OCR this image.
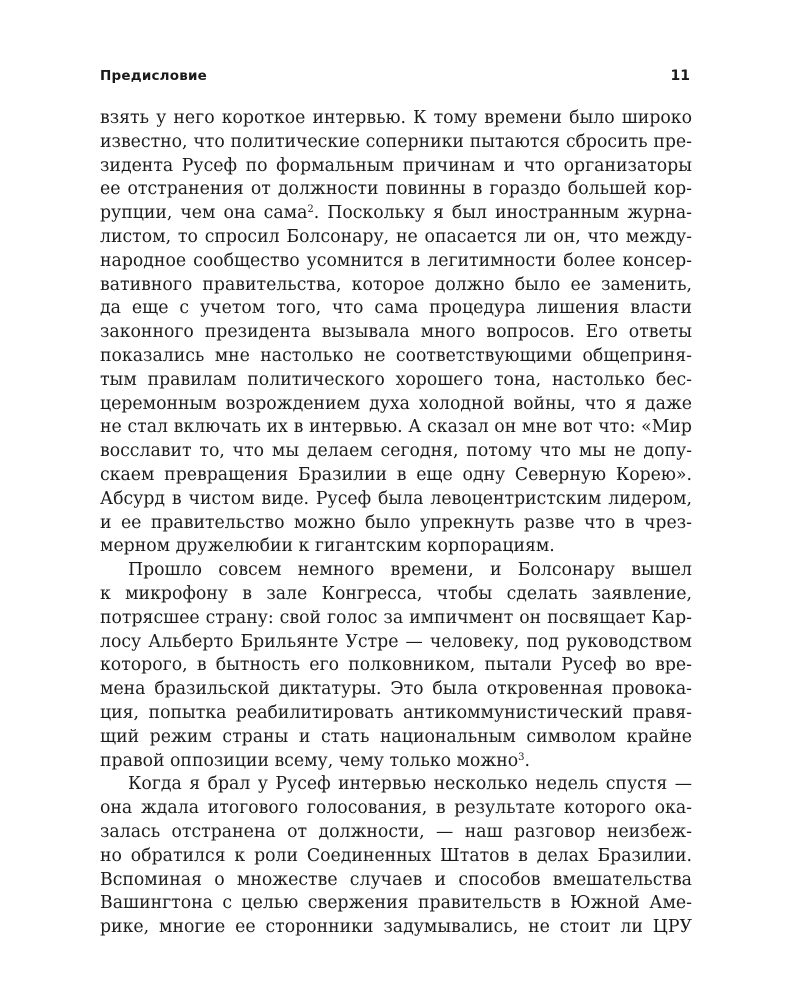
Предисловие	11
взять у него короткое интервью. К тому времени было широко
известно, что политические соперники пытаются сбросить пре-
зидента Русеф по формальным причинам и что организаторы
ее отстранения от должности повинны в гораздо большей кор-
рупции, чем она сама$^2$. Поскольку я был иностранным журна-
листом, то спросил Болсонару, не опасается ли он, что между-
народное сообщество усомнится в легитимности более консер-
вативного правительства, которое должно было ее заменить,
да еще с учетом того, что сама процедура лишения власти
законного президента вызывала много вопросов. Его ответы
показались мне настолько не соответствующими общеприня-
тым правилам политического хорошего тона, настолько бес-
церемонным возрождением духа холодной войны, что я даже
не стал включать их в интервью. А сказал он мне вот что: «Мир
восславит то, что мы делаем сегодня, потому что мы не допу-
скаем превращения Бразилии в еще одну Северную Корею».
Абсурд в чистом виде. Русеф была левоцентристским лидером,
и ее правительство можно было упрекнуть разве что в чрез-
мерном дружелюбии к гигантским корпорациям.
Прошло совсем немного времени, и Болсонару вышел
к микрофону в зале Конгресса, чтобы сделать заявление,
потрясшее страну: свой голос за импичмент он посвящает Кар-
лосу Альберто Брильянте Устре — человеку, под руководством
которого, в бытность его полковником, пытали Русеф во вре-
мена бразильской диктатуры. Это была откровенная провока-
ция, попытка реабилитировать антикоммунистический правя-
щий режим страны и стать национальным символом крайне
правой оппозиции всему, чему только можно$^3$.
Когда я брал у Русеф интервью несколько недель спустя —
она ждала итогового голосования, в результате которого ока-
залась отстранена от должности, — наш разговор неизбеж-
но обратился к роли Соединенных Штатов в делах Бразилии.
Вспоминая о множестве случаев и способов вмешательства
Вашингтона с целью свержения правительств в Южной Аме-
рике, многие ее сторонники задумывались, не стоит ли ЦРУ
